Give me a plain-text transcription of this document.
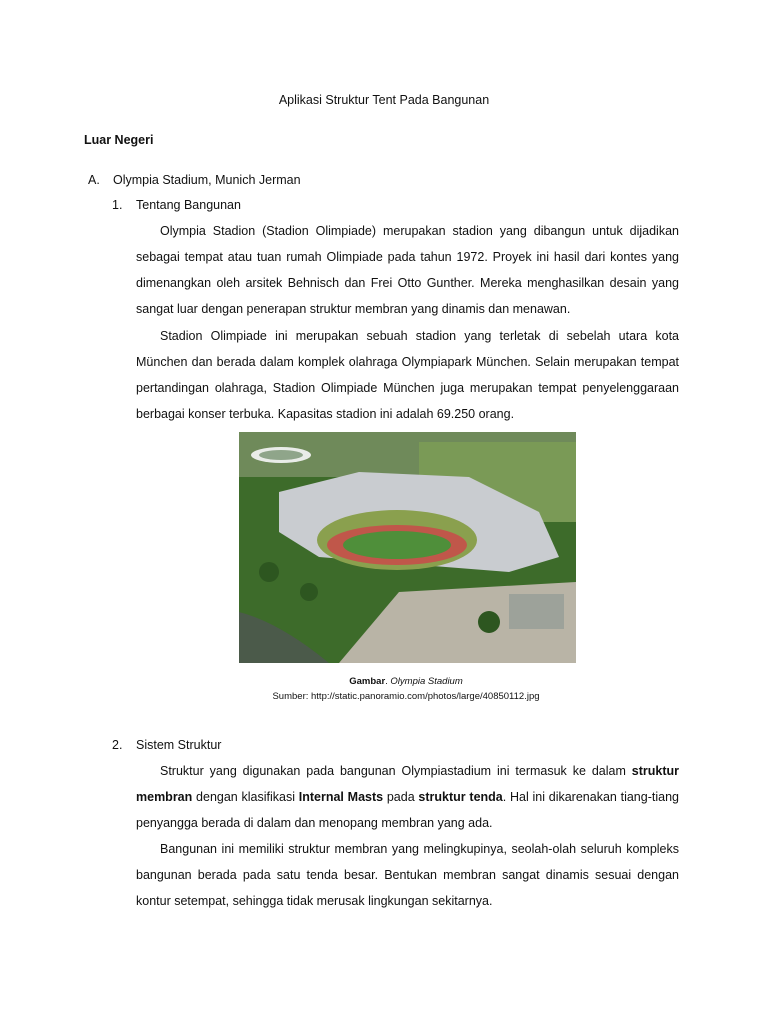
Aplikasi Struktur Tent Pada Bangunan
Luar Negeri
A. Olympia Stadium, Munich Jerman
1. Tentang Bangunan

Olympia Stadion (Stadion Olimpiade) merupakan stadion yang dibangun untuk dijadikan sebagai tempat atau tuan rumah Olimpiade pada tahun 1972. Proyek ini hasil dari kontes yang dimenangkan oleh arsitek Behnisch dan Frei Otto Gunther. Mereka menghasilkan desain yang sangat luar dengan penerapan struktur membran yang dinamis dan menawan.

Stadion Olimpiade ini merupakan sebuah stadion yang terletak di sebelah utara kota München dan berada dalam komplek olahraga Olympiapark München. Selain merupakan tempat pertandingan olahraga, Stadion Olimpiade München juga merupakan tempat penyelenggaraan berbagai konser terbuka. Kapasitas stadion ini adalah 69.250 orang.

Gambar. Olympia Stadium
Sumber: http://static.panoramio.com/photos/large/40850112.jpg
2. Sistem Struktur

Struktur yang digunakan pada bangunan Olympiastadium ini termasuk ke dalam struktur membran dengan klasifikasi Internal Masts pada struktur tenda. Hal ini dikarenakan tiang-tiang penyangga berada di dalam dan menopang membran yang ada.

Bangunan ini memiliki struktur membran yang melingkupinya, seolah-olah seluruh kompleks bangunan berada pada satu tenda besar. Bentukan membran sangat dinamis sesuai dengan kontur setempat, sehingga tidak merusak lingkungan sekitarnya.
